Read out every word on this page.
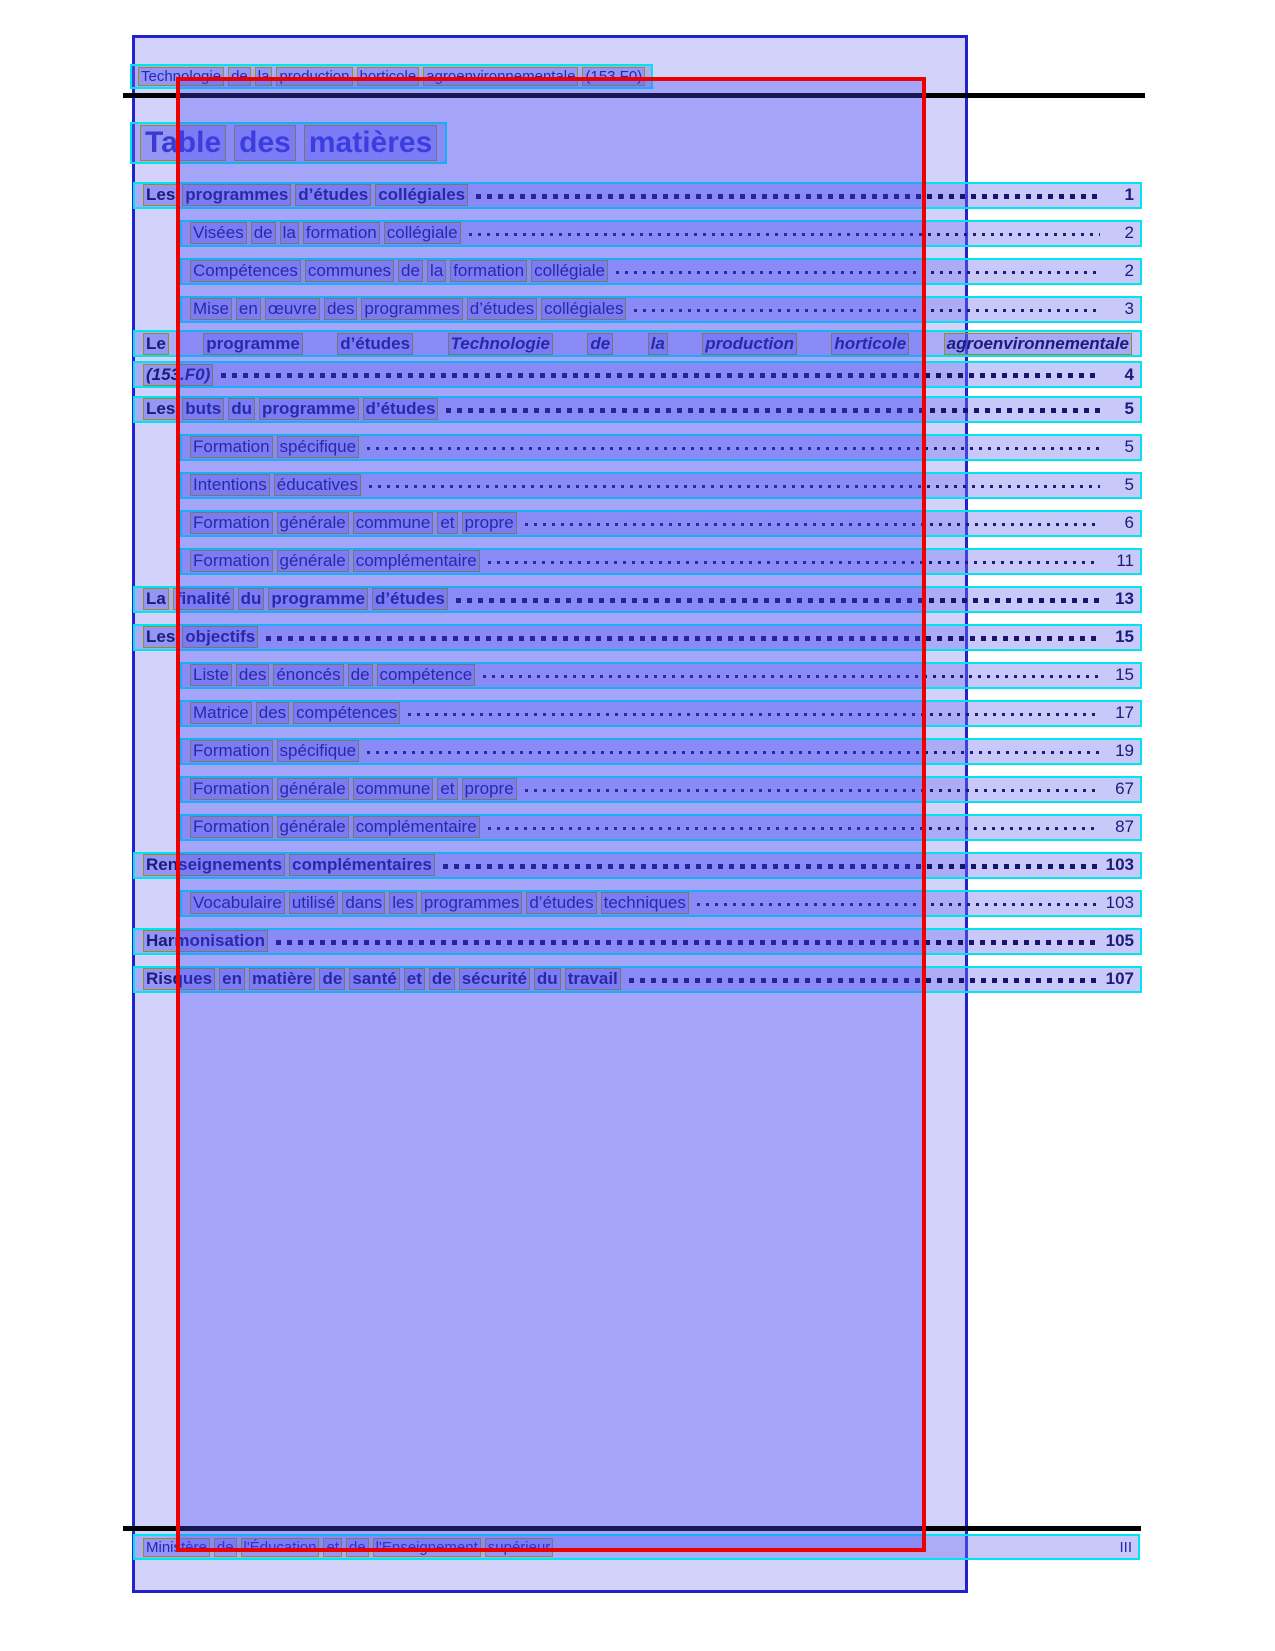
Technologie de la production horticole agroenvironnementale (153.F0)
Table des matières
Les programmes d’études collégiales	1
Visées de la formation collégiale	2
Compétences communes de la formation collégiale	2
Mise en œuvre des programmes d’études collégiales	3
Le programme d’études Technologie de la production horticole agroenvironnementale
(153.F0)	4
Les buts du programme d’études	5
Formation spécifique	5
Intentions éducatives	5
Formation générale commune et propre	6
Formation générale complémentaire	11
La finalité du programme d’études	13
Les objectifs	15
Liste des énoncés de compétence	15
Matrice des compétences	17
Formation spécifique	19
Formation générale commune et propre	67
Formation générale complémentaire	87
Renseignements complémentaires	103
Vocabulaire utilisé dans les programmes d’études techniques	103
Harmonisation	105
Risques en matière de santé et de sécurité du travail	107
Ministère de l'Éducation et de l'Enseignement supérieur	III
